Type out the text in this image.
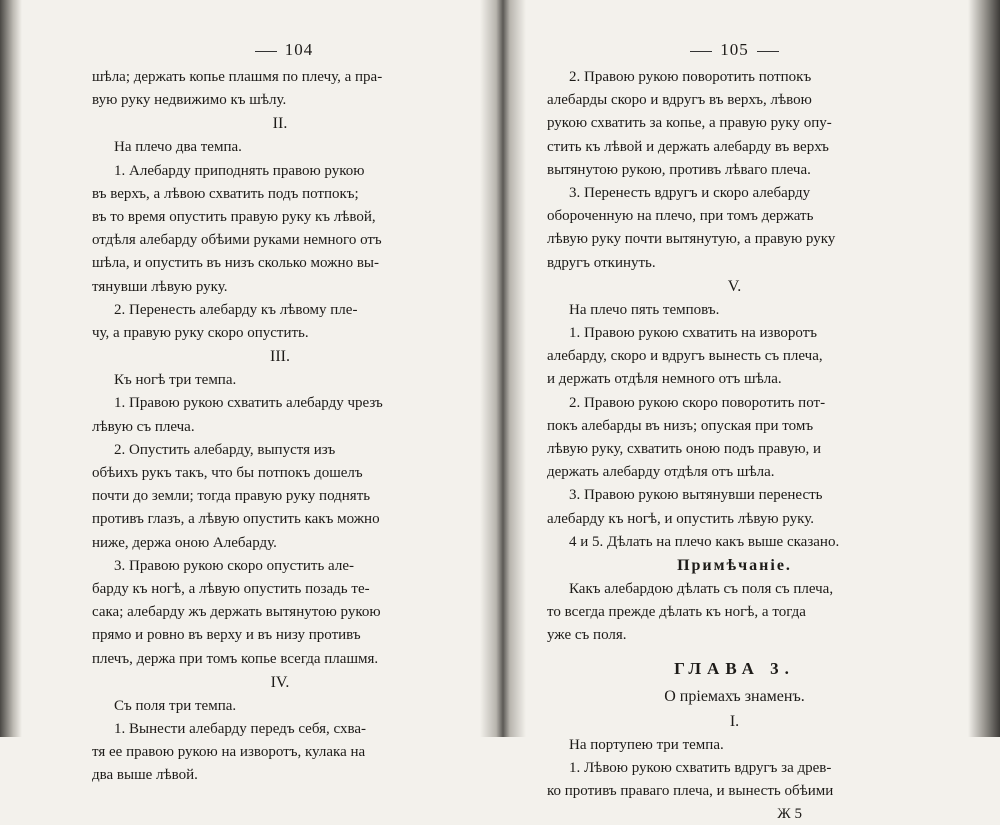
104

шѣла; держать копье плашмя по плечу, а пра-

вую руку недвижимо къ шѣлу.

II.

На плечо два темпа.

1. Алебарду приподнять правою рукою

въ верхъ, а лѣвою схватить подъ потпокъ;

въ то время опустить правую руку къ лѣвой,

отдѣля алебарду обѣими руками немного отъ

шѣла, и опустить въ низъ сколько можно вы-

тянувши лѣвую руку.

2. Перенесть алебарду къ лѣвому пле-

чу, а правую руку скоро опустить.

III.

Къ ногѣ три темпа.

1. Правою рукою схватить алебарду чрезъ

лѣвую съ плеча.

2. Опустить алебарду, выпуcтя изъ

обѣихъ рукъ такъ, что бы потпокъ дошелъ

почти до земли; тогда правую руку поднять

противъ глазъ, а лѣвую опустить какъ можно

ниже, держа оною Алебарду.

3. Правою рукою скоро опустить але-

барду къ ногѣ, а лѣвую опустить позадь те-

сака; алебарду жъ держать вытянутою рукою

прямо и ровно въ верху и въ низу противъ

плечъ, держа при томъ копье всегда плашмя.

IV.

Съ поля три темпа.

1. Вынести алебарду передъ себя, схва-

тя ее правою рукою на изворотъ, кулака на

два выше лѣвой.

105

2. Правою рукою поворотить потпокъ

алебарды скоро и вдругъ въ верхъ, лѣвою

рукою схватить за копье, а правую руку опу-

стить къ лѣвой и держать алебарду въ верхъ

вытянутою рукою, противъ лѣваго плеча.

3. Перенесть вдругъ и скоро алебарду

обороченную на плечо, при томъ держать

лѣвую руку почти вытянутую, а правую руку

вдругъ откинуть.

V.

На плечо пять темповъ.

1. Правою рукою схватить на изворотъ

алебарду, скоро и вдругъ вынесть съ плеча,

и держать отдѣля немного отъ шѣла.

2. Правою рукою скоро поворотить пот-

покъ алебарды въ низъ; опуская при томъ

лѣвую руку, схватить оною подъ правую, и

держать алебарду отдѣля отъ шѣла.

3. Правою рукою вытянувши перенесть

алебарду къ ногѣ, и опустить лѣвую руку.

4 и 5. Дѣлать на плечо какъ выше сказано.

Примѣчаніе.

Какъ алебардою дѣлать съ поля съ плеча,

то всегда прежде дѣлать къ ногѣ, а тогда

уже съ поля.

ГЛАВА 3.
О пріемахъ знаменъ.
I.

На портупею три темпа.

1. Лѣвою рукою схватить вдругъ за древ-

ко противъ праваго плеча, и вынесть обѣими

Ж 5
